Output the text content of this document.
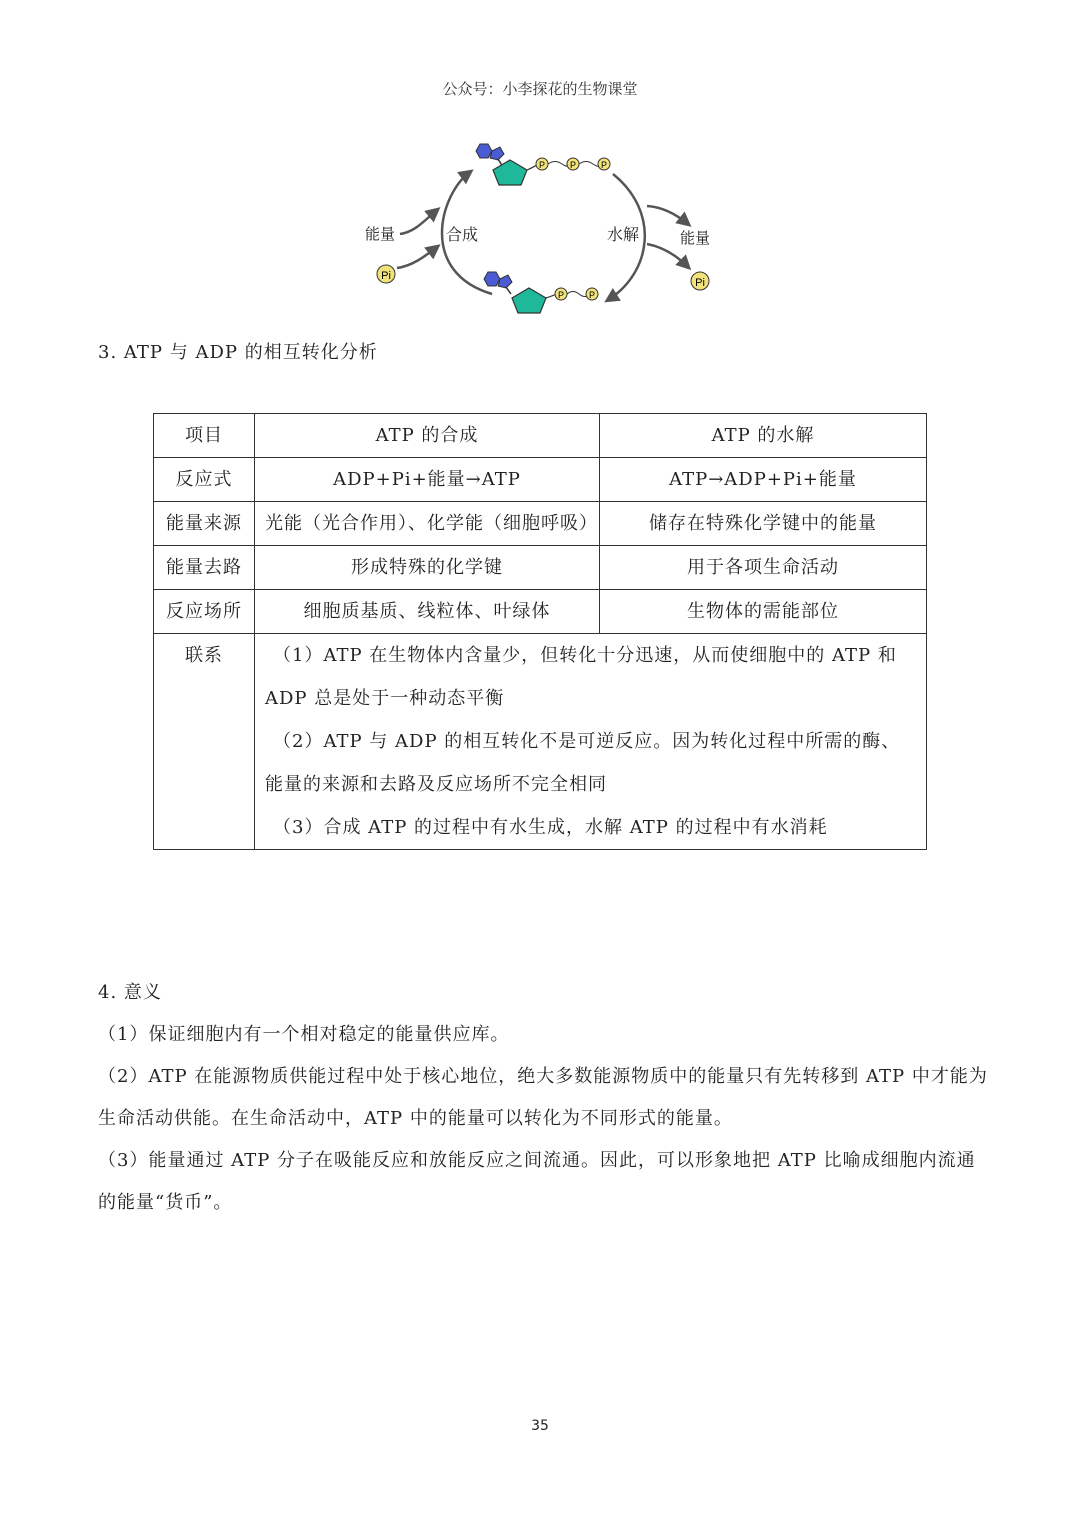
公众号：小李探花的生物课堂
P	P	P
P	P
能量
Pi
合成	水解	能量
Pi
3. ATP 与 ADP 的相互转化分析
项目	ATP 的合成	ATP 的水解
反应式	ADP+Pi+能量→ATP	ATP→ADP+Pi+能量
能量来源	光能（光合作用）、化学能（细胞呼吸）	储存在特殊化学键中的能量
能量去路	形成特殊的化学键	用于各项生命活动
反应场所	细胞质基质、线粒体、叶绿体	生物体的需能部位
联系	（1）ATP 在生物体内含量少，但转化十分迅速，从而使细胞中的 ATP 和 ADP 总是处于一种动态平衡

（2）ATP 与 ADP 的相互转化不是可逆反应。因为转化过程中所需的酶、能量的来源和去路及反应场所不完全相同

（3）合成 ATP 的过程中有水生成，水解 ATP 的过程中有水消耗	

4. 意义

（1）保证细胞内有一个相对稳定的能量供应库。

（2）ATP 在能源物质供能过程中处于核心地位，绝大多数能源物质中的能量只有先转移到 ATP 中才能为生命活动供能。在生命活动中，ATP 中的能量可以转化为不同形式的能量。

（3）能量通过 ATP 分子在吸能反应和放能反应之间流通。因此，可以形象地把 ATP 比喻成细胞内流通的能量“货币”。

35
